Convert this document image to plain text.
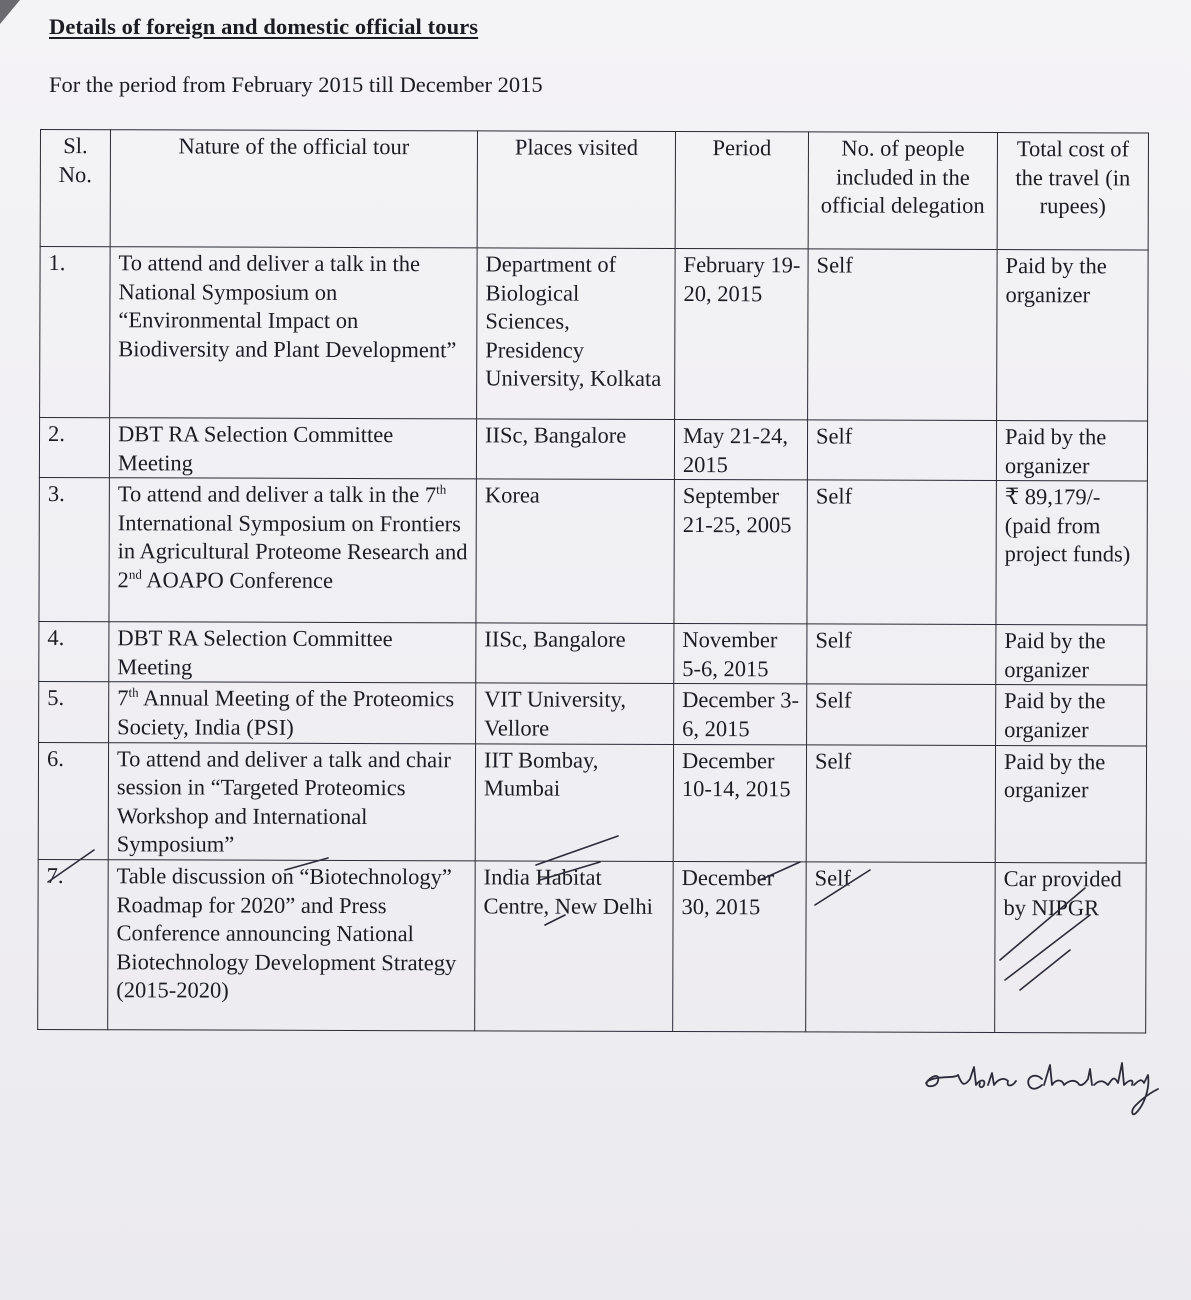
Details of foreign and domestic official tours
For the period from February 2015 till December 2015
Sl. No.	Nature of the official tour	Places visited	Period	No. of people included in the official delegation	Total cost of the travel (in rupees)
1.	To attend and deliver a talk in the National Symposium on “Environmental Impact on Biodiversity and Plant Development”	Department of Biological Sciences, Presidency University, Kolkata	February 19-20, 2015	Self	Paid by the organizer
2.	DBT RA Selection Committee Meeting	IISc, Bangalore	May 21-24, 2015	Self	Paid by the organizer
3.	To attend and deliver a talk in the 7th International Symposium on Frontiers in Agricultural Proteome Research and 2nd AOAPO Conference	Korea	September 21-25, 2005	Self	₹ 89,179/- (paid from project funds)
4.	DBT RA Selection Committee Meeting	IISc, Bangalore	November 5-6, 2015	Self	Paid by the organizer
5.	7th Annual Meeting of the Proteomics Society, India (PSI)	VIT University, Vellore	December 3-6, 2015	Self	Paid by the organizer
6.	To attend and deliver a talk and chair session in “Targeted Proteomics Workshop and International Symposium”	IIT Bombay, Mumbai	December 10-14, 2015	Self	Paid by the organizer
7.	Table discussion on “Biotechnology” Roadmap for 2020” and Press Conference announcing National Biotechnology Development Strategy (2015-2020)	India Habitat Centre, New Delhi	December 30, 2015	Self	Car provided by NIPGR
